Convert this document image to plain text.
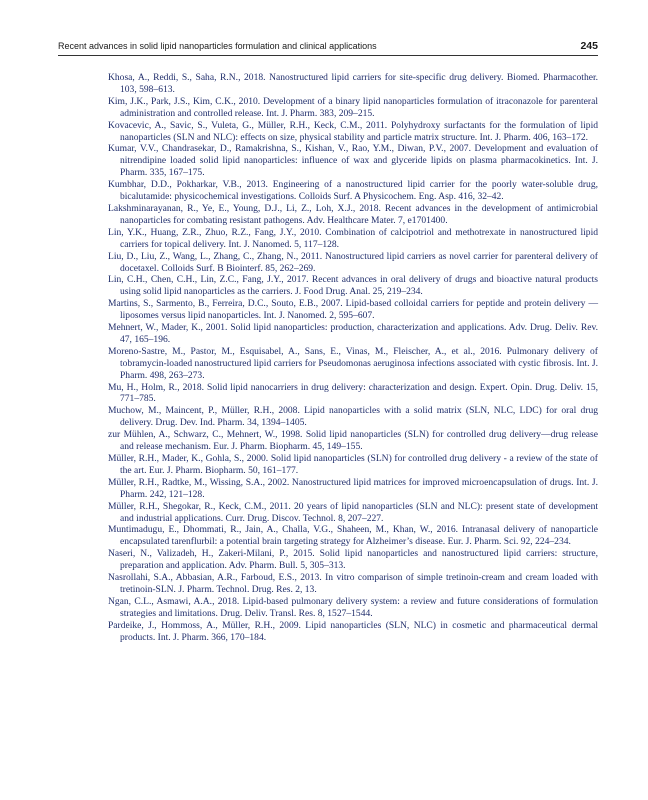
Recent advances in solid lipid nanoparticles formulation and clinical applications	245

Khosa, A., Reddi, S., Saha, R.N., 2018. Nanostructured lipid carriers for site-specific drug delivery. Biomed. Pharmacother. 103, 598–613.

Kim, J.K., Park, J.S., Kim, C.K., 2010. Development of a binary lipid nanoparticles formulation of itraconazole for parenteral administration and controlled release. Int. J. Pharm. 383, 209–215.

Kovacevic, A., Savic, S., Vuleta, G., Müller, R.H., Keck, C.M., 2011. Polyhydroxy surfactants for the formulation of lipid nanoparticles (SLN and NLC): effects on size, physical stability and particle matrix structure. Int. J. Pharm. 406, 163–172.

Kumar, V.V., Chandrasekar, D., Ramakrishna, S., Kishan, V., Rao, Y.M., Diwan, P.V., 2007. Development and evaluation of nitrendipine loaded solid lipid nanoparticles: influence of wax and glyceride lipids on plasma pharmacokinetics. Int. J. Pharm. 335, 167–175.

Kumbhar, D.D., Pokharkar, V.B., 2013. Engineering of a nanostructured lipid carrier for the poorly water-soluble drug, bicalutamide: physicochemical investigations. Colloids Surf. A Physicochem. Eng. Asp. 416, 32–42.

Lakshminarayanan, R., Ye, E., Young, D.J., Li, Z., Loh, X.J., 2018. Recent advances in the development of antimicrobial nanoparticles for combating resistant pathogens. Adv. Healthcare Mater. 7, e1701400.

Lin, Y.K., Huang, Z.R., Zhuo, R.Z., Fang, J.Y., 2010. Combination of calcipotriol and methotrexate in nanostructured lipid carriers for topical delivery. Int. J. Nanomed. 5, 117–128.

Liu, D., Liu, Z., Wang, L., Zhang, C., Zhang, N., 2011. Nanostructured lipid carriers as novel carrier for parenteral delivery of docetaxel. Colloids Surf. B Biointerf. 85, 262–269.

Lin, C.H., Chen, C.H., Lin, Z.C., Fang, J.Y., 2017. Recent advances in oral delivery of drugs and bioactive natural products using solid lipid nanoparticles as the carriers. J. Food Drug. Anal. 25, 219–234.

Martins, S., Sarmento, B., Ferreira, D.C., Souto, E.B., 2007. Lipid-based colloidal carriers for peptide and protein delivery — liposomes versus lipid nanoparticles. Int. J. Nanomed. 2, 595–607.

Mehnert, W., Mader, K., 2001. Solid lipid nanoparticles: production, characterization and applications. Adv. Drug. Deliv. Rev. 47, 165–196.

Moreno-Sastre, M., Pastor, M., Esquisabel, A., Sans, E., Vinas, M., Fleischer, A., et al., 2016. Pulmonary delivery of tobramycin-loaded nanostructured lipid carriers for Pseudomonas aeruginosa infections associated with cystic fibrosis. Int. J. Pharm. 498, 263–273.

Mu, H., Holm, R., 2018. Solid lipid nanocarriers in drug delivery: characterization and design. Expert. Opin. Drug. Deliv. 15, 771–785.

Muchow, M., Maincent, P., Müller, R.H., 2008. Lipid nanoparticles with a solid matrix (SLN, NLC, LDC) for oral drug delivery. Drug. Dev. Ind. Pharm. 34, 1394–1405.

zur Mühlen, A., Schwarz, C., Mehnert, W., 1998. Solid lipid nanoparticles (SLN) for controlled drug delivery—drug release and release mechanism. Eur. J. Pharm. Biopharm. 45, 149–155.

Müller, R.H., Mader, K., Gohla, S., 2000. Solid lipid nanoparticles (SLN) for controlled drug delivery - a review of the state of the art. Eur. J. Pharm. Biopharm. 50, 161–177.

Müller, R.H., Radtke, M., Wissing, S.A., 2002. Nanostructured lipid matrices for improved microencapsulation of drugs. Int. J. Pharm. 242, 121–128.

Müller, R.H., Shegokar, R., Keck, C.M., 2011. 20 years of lipid nanoparticles (SLN and NLC): present state of development and industrial applications. Curr. Drug. Discov. Technol. 8, 207–227.

Muntimadugu, E., Dhommati, R., Jain, A., Challa, V.G., Shaheen, M., Khan, W., 2016. Intranasal delivery of nanoparticle encapsulated tarenflurbil: a potential brain targeting strategy for Alzheimer’s disease. Eur. J. Pharm. Sci. 92, 224–234.

Naseri, N., Valizadeh, H., Zakeri-Milani, P., 2015. Solid lipid nanoparticles and nanostructured lipid carriers: structure, preparation and application. Adv. Pharm. Bull. 5, 305–313.

Nasrollahi, S.A., Abbasian, A.R., Farboud, E.S., 2013. In vitro comparison of simple tretinoin-cream and cream loaded with tretinoin-SLN. J. Pharm. Technol. Drug. Res. 2, 13.

Ngan, C.L., Asmawi, A.A., 2018. Lipid-based pulmonary delivery system: a review and future considerations of formulation strategies and limitations. Drug. Deliv. Transl. Res. 8, 1527–1544.

Pardeike, J., Hommoss, A., Müller, R.H., 2009. Lipid nanoparticles (SLN, NLC) in cosmetic and pharmaceutical dermal products. Int. J. Pharm. 366, 170–184.
